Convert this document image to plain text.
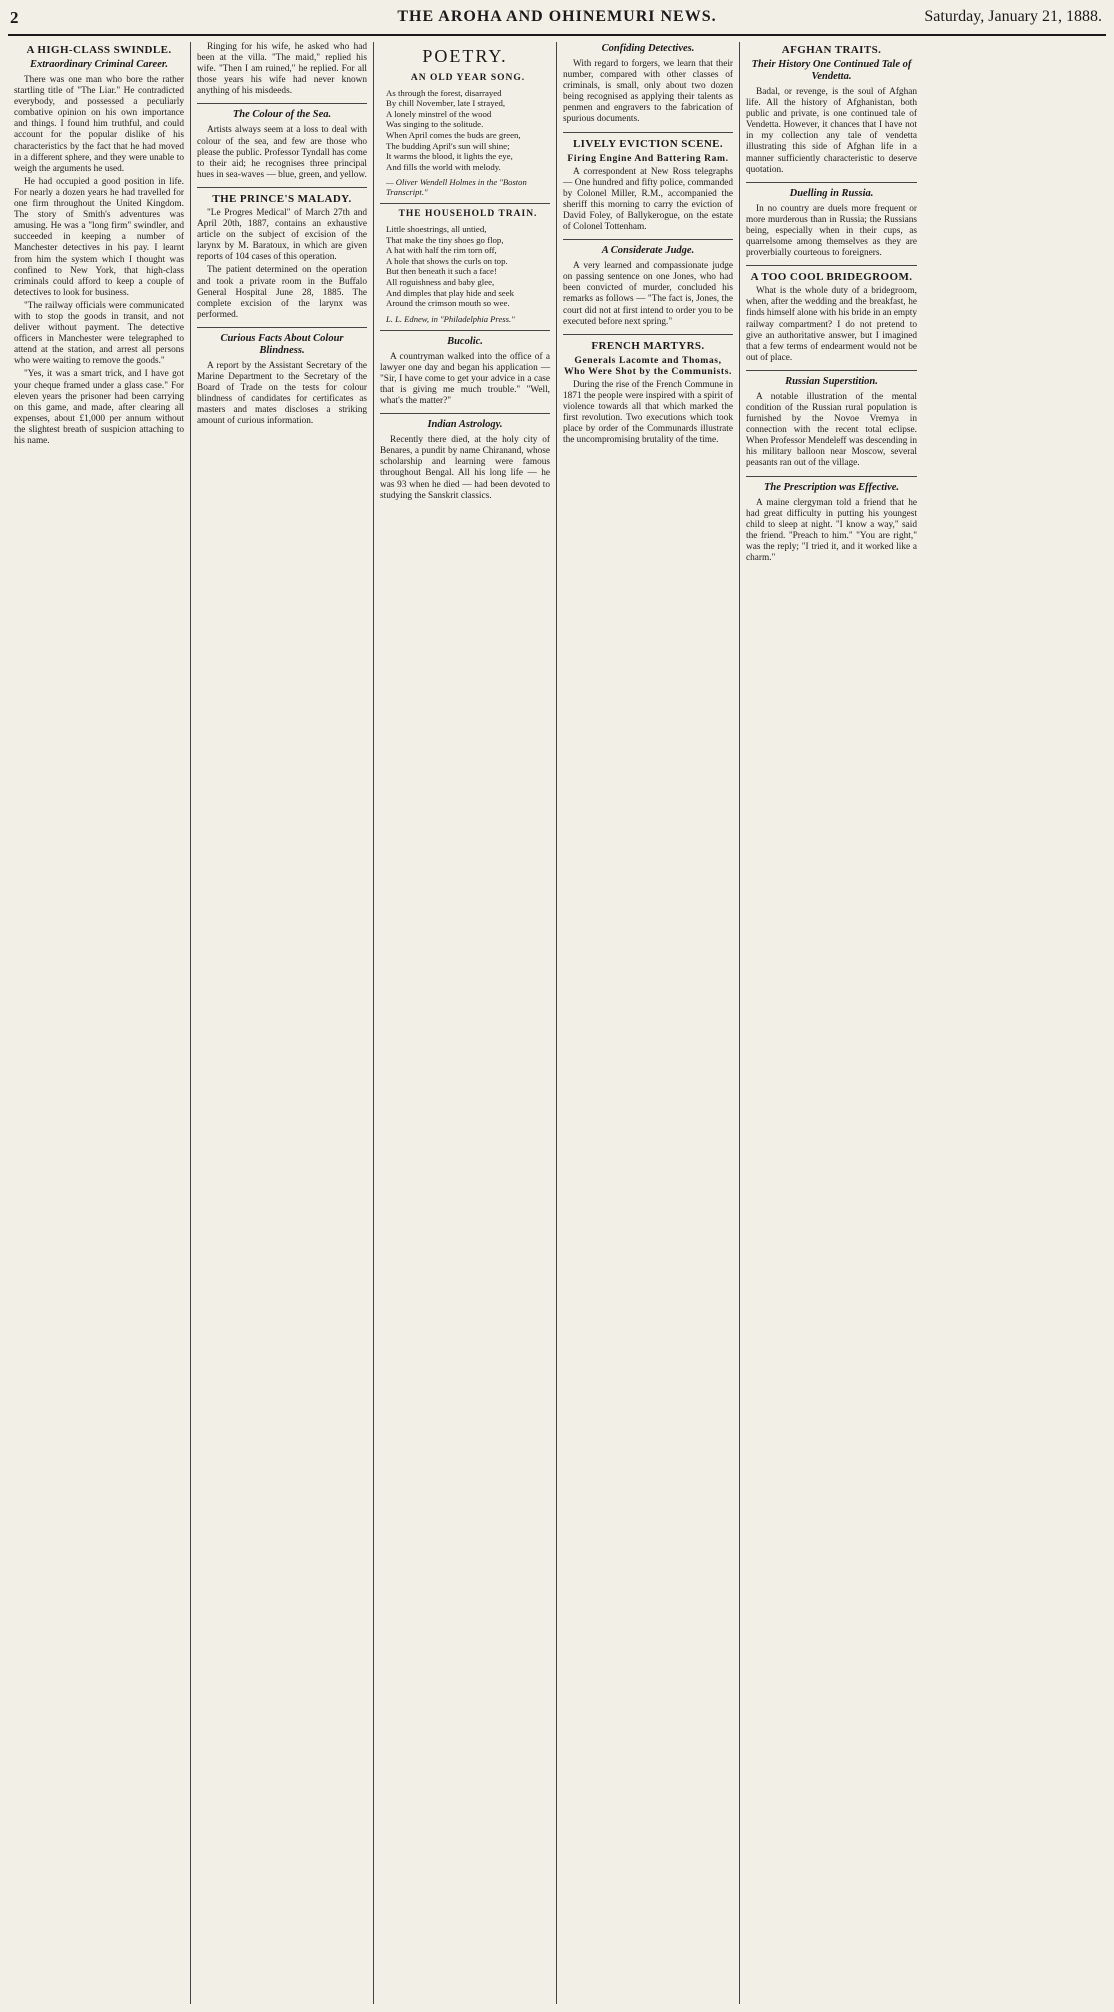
2	THE AROHA AND OHINEMURI NEWS.	Saturday, January 21, 1888.
A HIGH-CLASS SWINDLE.
Extraordinary Criminal Career.

There was one man who bore the rather startling title of "The Liar." He contradicted everybody, and possessed a peculiarly combative opinion on his own importance and things. I found him truthful, and could account for the popular dislike of his characteristics by the fact that he had moved in a different sphere, and they were unable to weigh the arguments he used.

He had occupied a good position in life. For nearly a dozen years he had travelled for one firm throughout the United Kingdom. The story of Smith's adventures was amusing. He was a "long firm" swindler, and succeeded in keeping a number of Manchester detectives in his pay. I learnt from him the system which I thought was confined to New York, that high-class criminals could afford to keep a couple of detectives to look for business.

"The railway officials were communicated with to stop the goods in transit, and not deliver without payment. The detective officers in Manchester were telegraphed to attend at the station, and arrest all persons who were waiting to remove the goods."

"Yes, it was a smart trick, and I have got your cheque framed under a glass case." For eleven years the prisoner had been carrying on this game, and made, after clearing all expenses, about £1,000 per annum without the slightest breath of suspicion attaching to his name.

Ringing for his wife, he asked who had been at the villa. "The maid," replied his wife. "Then I am ruined," he replied. For all those years his wife had never known anything of his misdeeds.

The Colour of the Sea.

Artists always seem at a loss to deal with colour of the sea, and few are those who please the public. Professor Tyndall has come to their aid; he recognises three principal hues in sea-waves — blue, green, and yellow.

THE PRINCE'S MALADY.

"Le Progres Medical" of March 27th and April 20th, 1887, contains an exhaustive article on the subject of excision of the larynx by M. Baratoux, in which are given reports of 104 cases of this operation.

The patient determined on the operation and took a private room in the Buffalo General Hospital June 28, 1885. The complete excision of the larynx was performed.

Curious Facts About Colour Blindness.

A report by the Assistant Secretary of the Marine Department to the Secretary of the Board of Trade on the tests for colour blindness of candidates for certificates as masters and mates discloses a striking amount of curious information.

POETRY.
AN OLD YEAR SONG.
As through the forest, disarrayed
By chill November, late I strayed,
A lonely minstrel of the wood
Was singing to the solitude.
When April comes the buds are green,
The budding April's sun will shine;
It warms the blood, it lights the eye,
And fills the world with melody.
— Oliver Wendell Holmes in the "Boston Transcript."
THE HOUSEHOLD TRAIN.
Little shoestrings, all untied,
That make the tiny shoes go flop,
A hat with half the rim torn off,
A hole that shows the curls on top.
But then beneath it such a face!
All roguishness and baby glee,
And dimples that play hide and seek
Around the crimson mouth so wee.
L. L. Ednew, in "Philadelphia Press."
Bucolic.

A countryman walked into the office of a lawyer one day and began his application — "Sir, I have come to get your advice in a case that is giving me much trouble." "Well, what's the matter?"

Indian Astrology.

Recently there died, at the holy city of Benares, a pundit by name Chiranand, whose scholarship and learning were famous throughout Bengal. All his long life — he was 93 when he died — had been devoted to studying the Sanskrit classics.

Confiding Detectives.

With regard to forgers, we learn that their number, compared with other classes of criminals, is small, only about two dozen being recognised as applying their talents as penmen and engravers to the fabrication of spurious documents.

LIVELY EVICTION SCENE.
Firing Engine And Battering Ram.

A correspondent at New Ross telegraphs — One hundred and fifty police, commanded by Colonel Miller, R.M., accompanied the sheriff this morning to carry the eviction of David Foley, of Ballykerogue, on the estate of Colonel Tottenham.

A Considerate Judge.

A very learned and compassionate judge on passing sentence on one Jones, who had been convicted of murder, concluded his remarks as follows — "The fact is, Jones, the court did not at first intend to order you to be executed before next spring."

FRENCH MARTYRS.
Generals Lacomte and Thomas, Who Were Shot by the Communists.

During the rise of the French Commune in 1871 the people were inspired with a spirit of violence towards all that which marked the first revolution. Two executions which took place by order of the Communards illustrate the uncompromising brutality of the time.

AFGHAN TRAITS.
Their History One Continued Tale of Vendetta.

Badal, or revenge, is the soul of Afghan life. All the history of Afghanistan, both public and private, is one continued tale of Vendetta. However, it chances that I have not in my collection any tale of vendetta illustrating this side of Afghan life in a manner sufficiently characteristic to deserve quotation.

Duelling in Russia.

In no country are duels more frequent or more murderous than in Russia; the Russians being, especially when in their cups, as quarrelsome among themselves as they are proverbially courteous to foreigners.

A TOO COOL BRIDEGROOM.

What is the whole duty of a bridegroom, when, after the wedding and the breakfast, he finds himself alone with his bride in an empty railway compartment? I do not pretend to give an authoritative answer, but I imagined that a few terms of endearment would not be out of place.

Russian Superstition.

A notable illustration of the mental condition of the Russian rural population is furnished by the Novoe Vremya in connection with the recent total eclipse. When Professor Mendeleff was descending in his military balloon near Moscow, several peasants ran out of the village.

The Prescription was Effective.

A maine clergyman told a friend that he had great difficulty in putting his youngest child to sleep at night. "I know a way," said the friend. "Preach to him." "You are right," was the reply; "I tried it, and it worked like a charm."
